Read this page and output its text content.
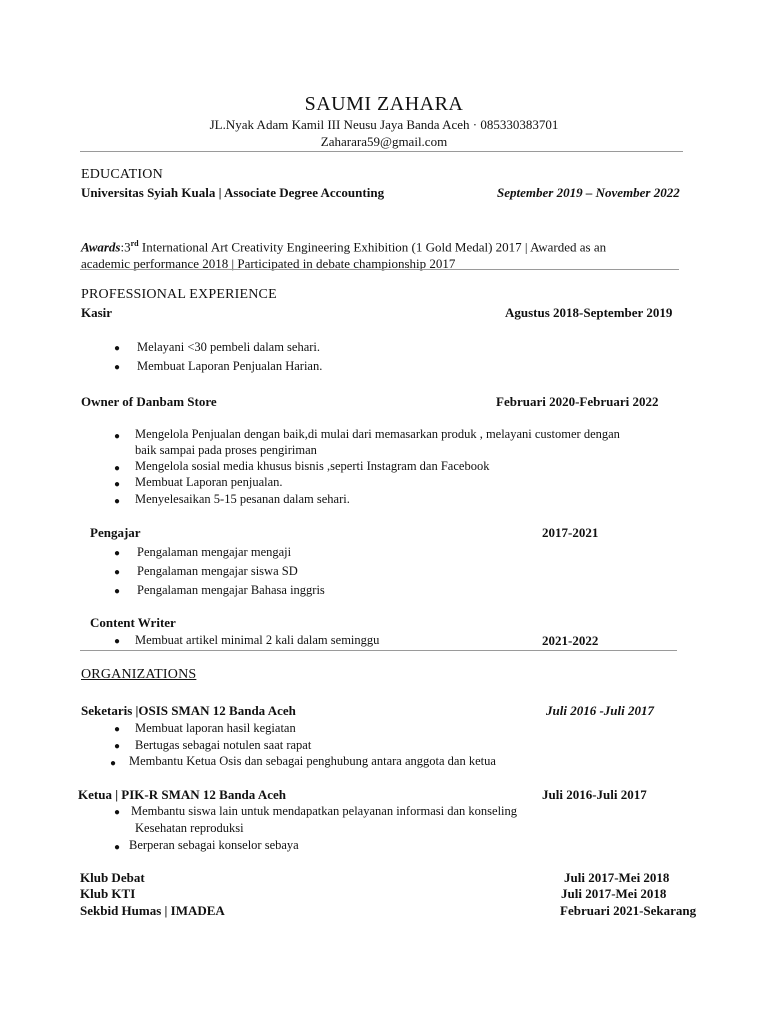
SAUMI ZAHARA
JL.Nyak Adam Kamil III Neusu Jaya Banda Aceh · 085330383701
Zaharara59@gmail.com
EDUCATION
Universitas Syiah Kuala | Associate Degree Accounting	September 2019 – November 2022
Awards:3rd International Art Creativity Engineering Exhibition (1 Gold Medal) 2017 | Awarded as an
academic performance 2018 | Participated in debate championship 2017
PROFESSIONAL EXPERIENCE
Kasir	Agustus 2018-September 2019
● Melayani <30 pembeli dalam sehari.
● Membuat Laporan Penjualan Harian.
Owner of Danbam Store	Februari 2020-Februari 2022
● Mengelola Penjualan dengan baik,di mulai dari memasarkan produk , melayani customer dengan
baik sampai pada proses pengiriman
● Mengelola sosial media khusus bisnis ,seperti Instagram dan Facebook
● Membuat Laporan penjualan.
● Menyelesaikan 5-15 pesanan dalam sehari.
Pengajar	2017-2021
● Pengalaman mengajar mengaji
● Pengalaman mengajar siswa SD
● Pengalaman mengajar Bahasa inggris
Content Writer
● Membuat artikel minimal 2 kali dalam seminggu	2021-2022
ORGANIZATIONS
Seketaris |OSIS SMAN 12 Banda Aceh	Juli 2016 -Juli 2017
● Membuat laporan hasil kegiatan
● Bertugas sebagai notulen saat rapat
● Membantu Ketua Osis dan sebagai penghubung antara anggota dan ketua
Ketua | PIK-R SMAN 12 Banda Aceh	Juli 2016-Juli 2017
● Membantu siswa lain untuk mendapatkan pelayanan informasi dan konseling
Kesehatan reproduksi
● Berperan sebagai konselor sebaya
Klub Debat	Juli 2017-Mei 2018
Klub KTI	Juli 2017-Mei 2018
Sekbid Humas | IMADEA	Februari 2021-Sekarang
